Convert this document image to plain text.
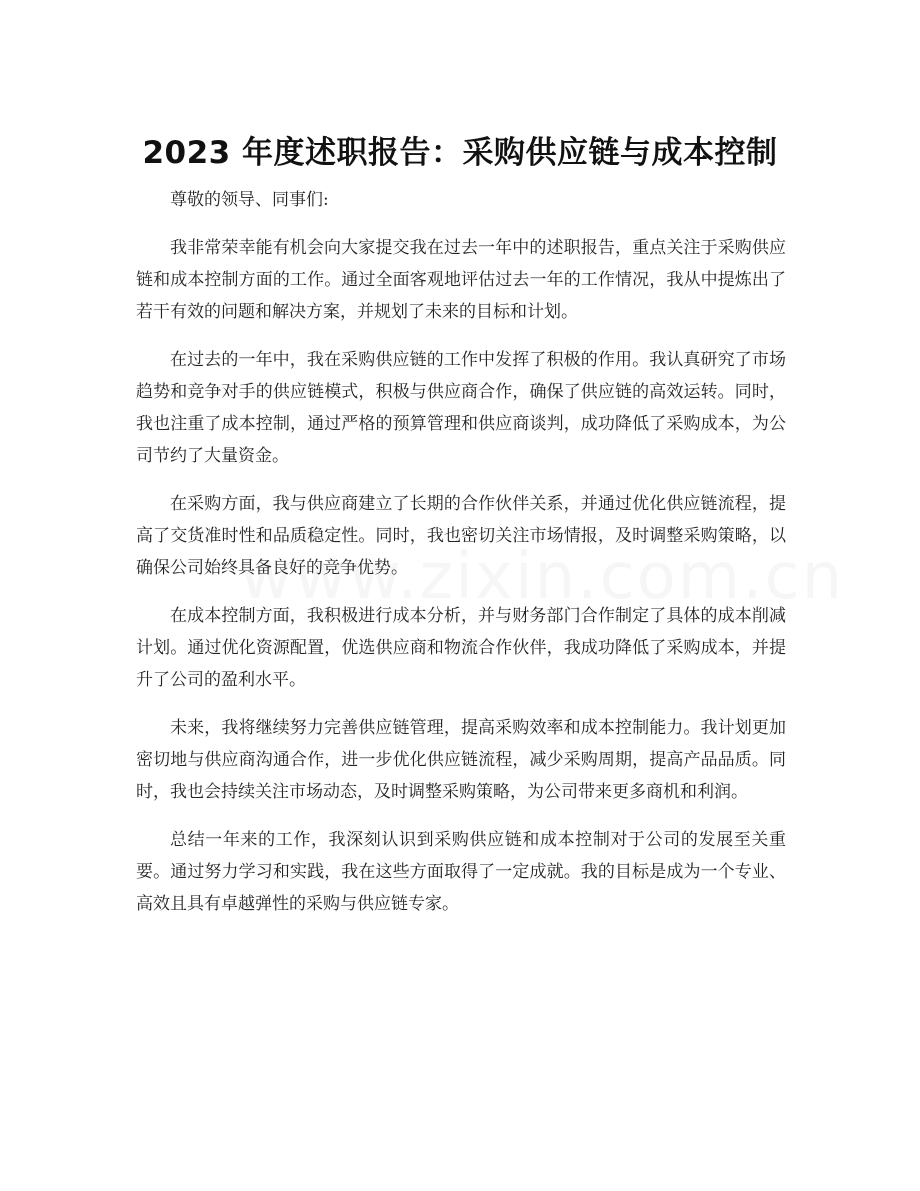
2023 年度述职报告：采购供应链与成本控制

尊敬的领导、同事们:

我非常荣幸能有机会向大家提交我在过去一年中的述职报告，重点关注于采购供应链和成本控制方面的工作。通过全面客观地评估过去一年的工作情况，我从中提炼出了若干有效的问题和解决方案，并规划了未来的目标和计划。

在过去的一年中，我在采购供应链的工作中发挥了积极的作用。我认真研究了市场趋势和竞争对手的供应链模式，积极与供应商合作，确保了供应链的高效运转。同时，我也注重了成本控制，通过严格的预算管理和供应商谈判，成功降低了采购成本，为公司节约了大量资金。

在采购方面，我与供应商建立了长期的合作伙伴关系，并通过优化供应链流程，提高了交货准时性和品质稳定性。同时，我也密切关注市场情报，及时调整采购策略，以确保公司始终具备良好的竞争优势。

在成本控制方面，我积极进行成本分析，并与财务部门合作制定了具体的成本削减计划。通过优化资源配置，优选供应商和物流合作伙伴，我成功降低了采购成本，并提升了公司的盈利水平。

未来，我将继续努力完善供应链管理，提高采购效率和成本控制能力。我计划更加密切地与供应商沟通合作，进一步优化供应链流程，减少采购周期，提高产品品质。同时，我也会持续关注市场动态，及时调整采购策略，为公司带来更多商机和利润。

总结一年来的工作，我深刻认识到采购供应链和成本控制对于公司的发展至关重要。通过努力学习和实践，我在这些方面取得了一定成就。我的目标是成为一个专业、高效且具有卓越弹性的采购与供应链专家。
